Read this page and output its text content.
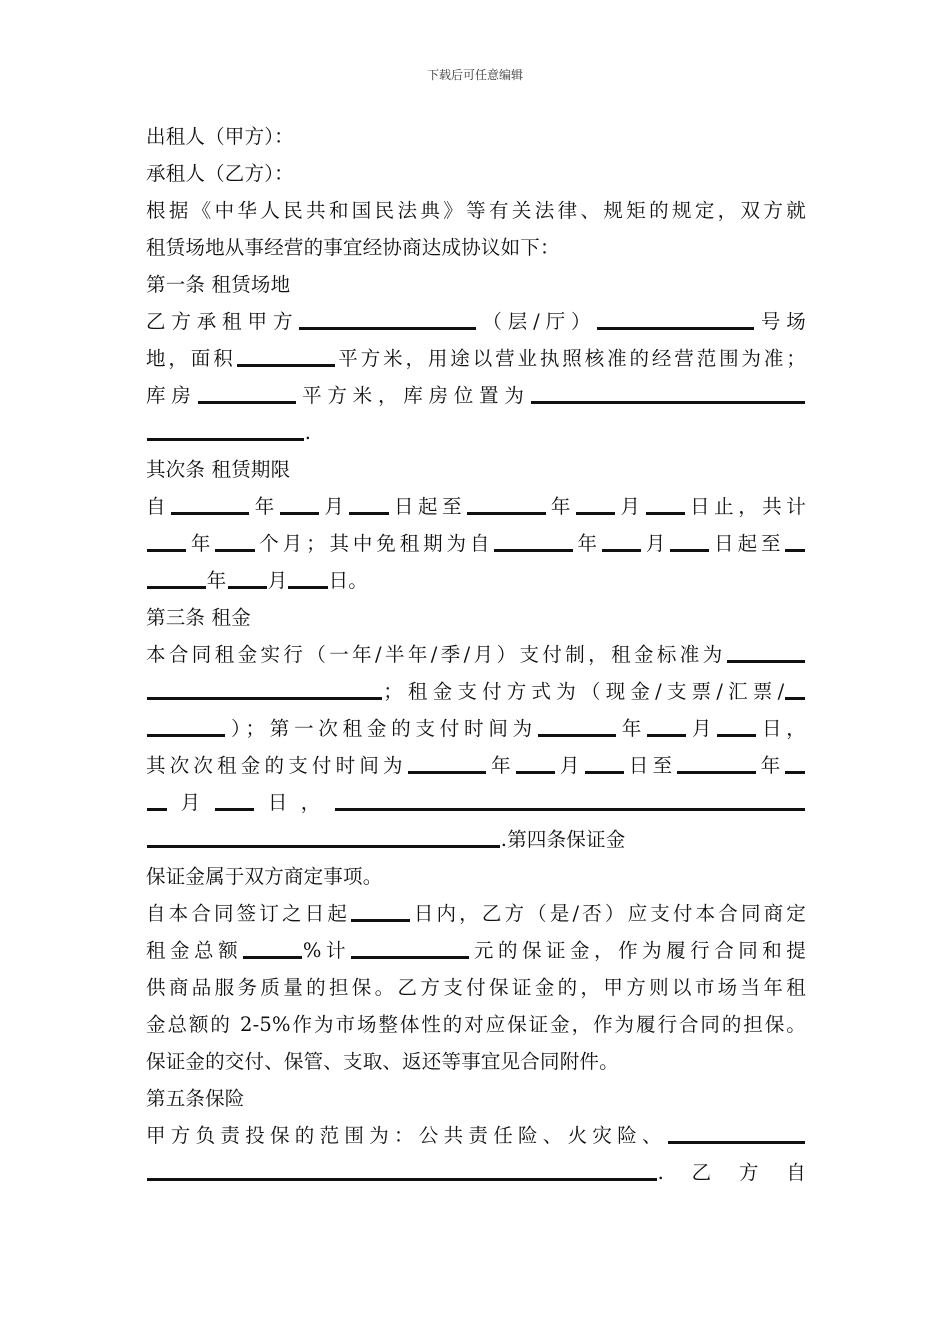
下载后可任意编辑
出租人（甲方）：
承租人（乙方）：
根据《中华人民共和国民法典》等有关法律、规矩的规定，双方就
租赁场地从事经营的事宜经协商达成协议如下：
第一条 租赁场地
乙方承租甲方	（层/厅）	号场
地，面积	平方米，用途以营业执照核准的经营范围为准；
库房	平方米，库房位置为
.
其次条 租赁期限
自	年 月 日起至	年 月 日止，共计
年 个月；其中免租期为自	年 月 日起至
年 月 日。
第三条 租金
本合同租金实行（一年/半年/季/月）支付制，租金标准为
；租金支付方式为（现金/支票/汇票/
）；第一次租金的支付时间为	年 月 日，
其次次租金的支付时间为	年 月 日至	年
月 日，
.第四条保证金
保证金属于双方商定事项。
自本合同签订之日起	日内，乙方（是/否）应支付本合同商定
租金总额	%计	元的保证金，作为履行合同和提
供商品服务质量的担保。乙方支付保证金的，甲方则以市场当年租
金总额的 2-5%作为市场整体性的对应保证金，作为履行合同的担保。
保证金的交付、保管、支取、返还等事宜见合同附件。
第五条保险
甲方负责投保的范围为：公共责任险、火灾险、
.乙方自
